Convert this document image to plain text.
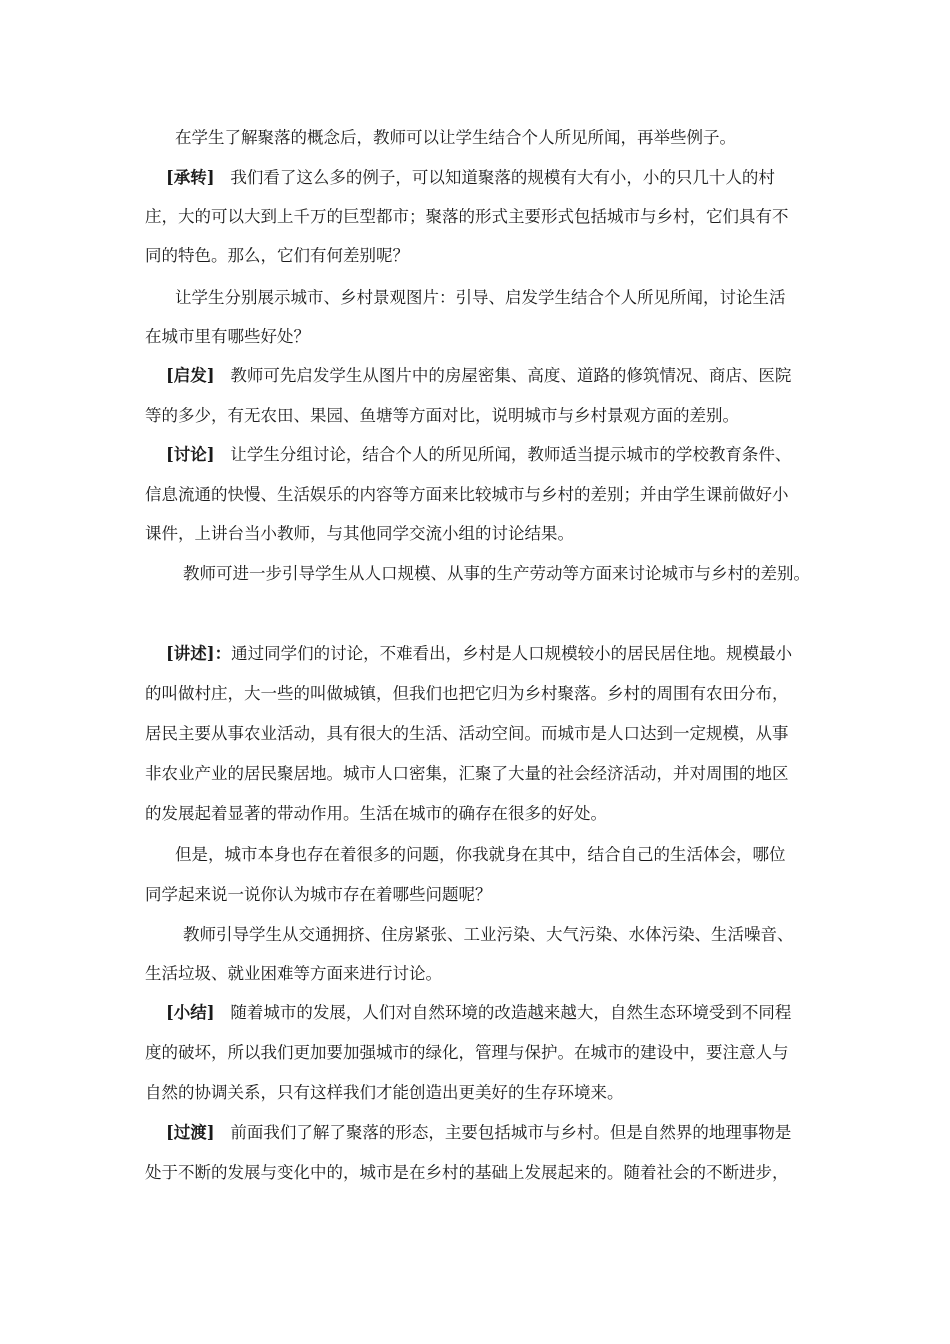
在学生了解聚落的概念后，教师可以让学生结合个人所见所闻，再举些例子。
[承转] 我们看了这么多的例子，可以知道聚落的规模有大有小，小的只几十人的村
庄，大的可以大到上千万的巨型都市；聚落的形式主要形式包括城市与乡村，它们具有不
同的特色。那么，它们有何差别呢？
让学生分别展示城市、乡村景观图片：引导、启发学生结合个人所见所闻，讨论生活
在城市里有哪些好处？
[启发] 教师可先启发学生从图片中的房屋密集、高度、道路的修筑情况、商店、医院
等的多少，有无农田、果园、鱼塘等方面对比，说明城市与乡村景观方面的差别。
[讨论] 让学生分组讨论，结合个人的所见所闻，教师适当提示城市的学校教育条件、
信息流通的快慢、生活娱乐的内容等方面来比较城市与乡村的差别；并由学生课前做好小
课件，上讲台当小教师，与其他同学交流小组的讨论结果。
教师可进一步引导学生从人口规模、从事的生产劳动等方面来讨论城市与乡村的差别。
[讲述]：通过同学们的讨论，不难看出，乡村是人口规模较小的居民居住地。规模最小
的叫做村庄，大一些的叫做城镇，但我们也把它归为乡村聚落。乡村的周围有农田分布，
居民主要从事农业活动，具有很大的生活、活动空间。而城市是人口达到一定规模，从事
非农业产业的居民聚居地。城市人口密集，汇聚了大量的社会经济活动，并对周围的地区
的发展起着显著的带动作用。生活在城市的确存在很多的好处。
但是，城市本身也存在着很多的问题，你我就身在其中，结合自己的生活体会，哪位
同学起来说一说你认为城市存在着哪些问题呢？
教师引导学生从交通拥挤、住房紧张、工业污染、大气污染、水体污染、生活噪音、
生活垃圾、就业困难等方面来进行讨论。
[小结] 随着城市的发展，人们对自然环境的改造越来越大，自然生态环境受到不同程
度的破坏，所以我们更加要加强城市的绿化，管理与保护。在城市的建设中，要注意人与
自然的协调关系，只有这样我们才能创造出更美好的生存环境来。
[过渡] 前面我们了解了聚落的形态，主要包括城市与乡村。但是自然界的地理事物是
处于不断的发展与变化中的，城市是在乡村的基础上发展起来的。随着社会的不断进步，
